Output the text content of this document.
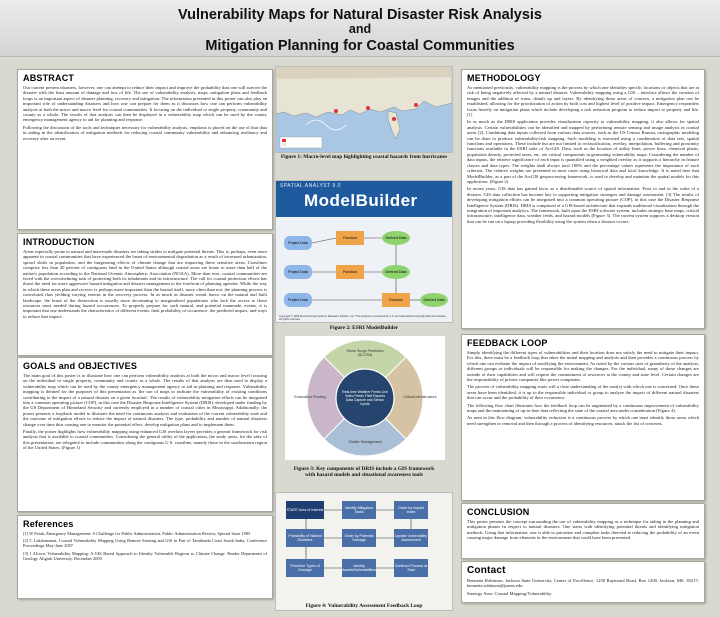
Vulnerability Maps for Natural Disaster Risk Analysis
and
Mitigation Planning for Coastal Communities
ABSTRACT

Our current present disasters, however, one can attempt to reduce their impact and improve the probability that one will survive the disaster with the least amount of damage and loss of life. The use of vulnerability analysis, maps, mitigation plans and feedback loops is an important aspect of disaster planning, recovery and mitigation. The information presented in this poster can also play an important role of understanding disasters and how one can prepare for them as it discusses how one can perform vulnerability analysis at both the micro and macro level for coastal communities. It focusing on the individual or single property, community and county as a whole. The results of that analysis can then be displayed in a vulnerability map which can be used by the county emergency management agency to aid for planning and response.

Following the discussion of the tools and techniques necessary for vulnerability analysis, emphasis is placed on the use of that data in aiding in the identification of mitigation methods for reducing coastal community vulnerability and enhancing resiliency and recovery after an event.

INTRODUCTION

Areas especially prone to natural and man-made disasters are taking strides to mitigate potential threats. This is, perhaps, even more apparent in coastal communities that have experienced the brunt of environmental degradation as a result of increased urbanization, sprawl shifts in population, and the burgeoning effects of climate change that are impacting these sensitive areas. Coastlines comprise less than 20 percent of contiguous land in the United States although coastal areas are home to more than half of the nation's population according to the National Oceanic Atmospheric Association (NOAA). More than ever, coastal communities are faced with the overwhelming task of protecting both its inhabitants and its infrastructure. The call for coastal protection efforts has thrust the need for more aggressive hazard mitigation and disaster management to the forefront of planning agendas. While the way in which these areas plan and recover is perhaps more important than the hazard itself, more often than not, the planning process is convoluted thus yielding varying extents in the recovery process. In as much as disaster wreak havoc on the natural and built landscape, the brunt of the destruction is usually more devastating to marginalized populations who lack the access to those resources most needed during hazard occurrences. To properly prepare for such natural, and potential manmade, events, it is important that one understands the characteristics of different events, their probability of occurrence, the predicted impact, and ways to reduce that impact.

GOALS and OBJECTIVES

The main goal of this poster is to illustrate how one can perform vulnerability analysis at both the micro and macro level focusing on the individual or single property, community and county as a whole. The results of that analysis are then used to display a vulnerability map which can be used by the county emergency management agency to aid in planning and response. Vulnerability mapping is defined for the purposes of this presentation as 'the use of maps to indicate the vulnerability of existing conditions contributing to the impact of a natural disaster on a given location'. The results of vulnerability mitigation efforts can be integrated into a common operating picture (COP), in this case the Disaster Response Intelligence System (DRIS), developed under funding by the US Department of Homeland Security and currently employed in a number of coastal cities in Mississippi. Additionally, the poster presents a loopback model to illustrate the need for continuous analysis and evaluation of the current vulnerability state and the outcome of mitigation efforts to reduce the impact of natural disasters. The type, probability and number of natural disasters change over time thus causing one to monitor the potential effect, develop mitigation plans and to implement them.

Finally, the poster highlights how vulnerability mapping using enhanced GIS overlain layers provides a general framework for risk analysis that is available to coastal communities. Considering the general utility of the application, the study areas, for the sake of this presentation, are relegated to include communities along the contiguous U.S. coastline, namely those in the southeastern region of the United States. (Figure 1)

References

[1] W Petak, Emergency Management: A Challenge for Public Administration, Public Administration Review, Special Issue 1985

[2] C Lakshmanan, Coastal Vulnerability Mapping Using Remote Sensing and GIS in Part of Tamilnadu Coast South India, Conference Proceedings May-June 2007

[3] J Alcorn, Vulnerability Mapping: A GIS Based Approach to Identify Vulnerable Regions to Climate Change. Reader Department of Geology Aligarh University, December 2003

Figure 1: Macro-level map highlighting coastal hazards from hurricanes
SPATIAL ANALYST 9.0
ModelBuilder
Project Data
Project Data
Project Data
Function
Function
Function
Derived Data
Derived Data
Derived Data
Copyright © 2006 Environmental Systems Research Institute, Inc. *The program is protected by U.S. and international copyright laws and treaties. All rights reserved.
Figure 2: ESRI ModelBuilder
Storm Surge Prediction (SLOSH)
Critical Infrastructure
Shelter Management
Evacuation Routing
Real-time Weather Feeds Live Video Feeds Field Reports Data Capture and Sensor Inputs
Figure 3: Key components of DRIS include a GIS framework
with hazard models and situational awareness tools
START Area of Interest	Identify Mitigation Tasks
Order by Impact Index
Probability of Natural Disasters
Order by Potential Damage
Update Vulnerability Assessment
Prior/Use Types of Damage
Identify Assets/Vulnerabilities
Continue Process at Start
Figure 4: Vulnerability Assessment Feedback Loop
METHODOLOGY

As mentioned previously, vulnerability mapping is the process by which one identifies specific locations or objects that are at risk of being negatively affected by a natural disaster. Vulnerability mapping using a GIS – interface allows the creation of images and the addition of icons, details up and layers. By identifying those areas of concern, a mitigation plan can be established, allowing for the prioritization of action by both cost and highest level of positive impact. Emergency responders focus heavily on mitigation plans which include developing a risk reduction program to reduce impact to property and life. [1]

In as much as the DRIS application provides visualization capacity to vulnerability mapping, it also allows for spatial analysis. Certain vulnerabilities can be identified and mapped by performing remote sensing and image analysis in coastal areas [2]. Combining data inputs collected from various data sources, such as the US Census Bureau, cartographic modeling can be done to produce vulnerability/risk mapping. Such modeling is executed using a combination of data sets, spatial functions and operations. These include but are not limited to reclassification, overlay, interpolation, buffering and proximity functions available in the ESRI suite of ArcGIS. Data, such as the location of utility lines, power lines, chemical plants, population density, protected areas, etc. are critical components in generating vulnerability maps. Considering the number of data inputs, the relative significance of each input is quantified using a weighted overlay as it supports a hierarchy in feature classes and data types. The weights shall always total 100% and the percentage values represents the importance of each criterion. The relative weights are presented in most cases using historical data and local knowledge. It is noted here that ModelBuilder, as a part of the ArcGIS geoprocessing framework, is used to develop and maintain the spatial models for this application. (Figure 2)

In recent years, GIS data has gained favor as a distributable source of spatial information. Prior to and in the wake of a disaster, GIS data collection has become key to supporting mitigation strategies and damage assessment. [3] The results of developing mitigation efforts can be integrated into a common operating picture (COP), in this case the Disaster Response Intelligence System (DRIS). DRIS is comprised of a GIS-based architecture that expands traditional visualization through the integration of important analytics. The framework, built upon the ESRI software system, includes strategic base maps, critical infrastructure, intelligence data, weather feeds, and hazard models (Figure 3). The current system supports a desktop version that can be run on a laptop providing flexibility using the system when a disaster occurs.

FEEDBACK LOOP

Simply identifying the different types of vulnerabilities and their location does not satisfy the need to mitigate their impact. For this, there must be a feedback loop that takes the initial mapping and analysis and then provides a continuous process by which one can evaluate the impact of modifying the environment. As noted by the various uses of granularity of the analysis, different groups or individuals will be responsible for making the changes. For the individual, many of those changes are outside of their capabilities and will require the commitment of resources at the county and state level. Certain changes are the responsibility of private companies like power companies.

The process of vulnerability mapping starts will a clear understanding of the area(s) with which one is concerned. Once these areas have been identified, it is up to the responsible individual or group to analyze the impact of different natural disasters that can occur and the probability of their occurrence.

The following flow chart illustrates how the feedback loop can be augmented by a continuous improvement of vulnerability maps and the maintaining of up-to-date data reflecting the state of the coastal area under consideration (Figure 4).

As seen in this flow diagram, vulnerability reduction is a continuous process by which one must identify those areas which need strengthen or removal and then through a process of identifying resources, attack the list of concerns.

CONCLUSION

This poster presents the concept surrounding the use of vulnerability mapping as a technique for aiding in the planning and mitigation phases in respect to natural disasters. One starts with identifying potential threats and identifying mitigation methods. Using that information, one is able to prioritize and complete tasks directed at reducing the probability of an event causing major damage from elements in the environment that could have been prevented.

Contact

Bennetta Robinson, Jackson State University, Center of Excellence, 1230 Raymond Road, Box 1200, Jackson, MS. 39217; bennetta.robinson@jsums.edu

Strategy Area: Coastal Mapping/Vulnerability
